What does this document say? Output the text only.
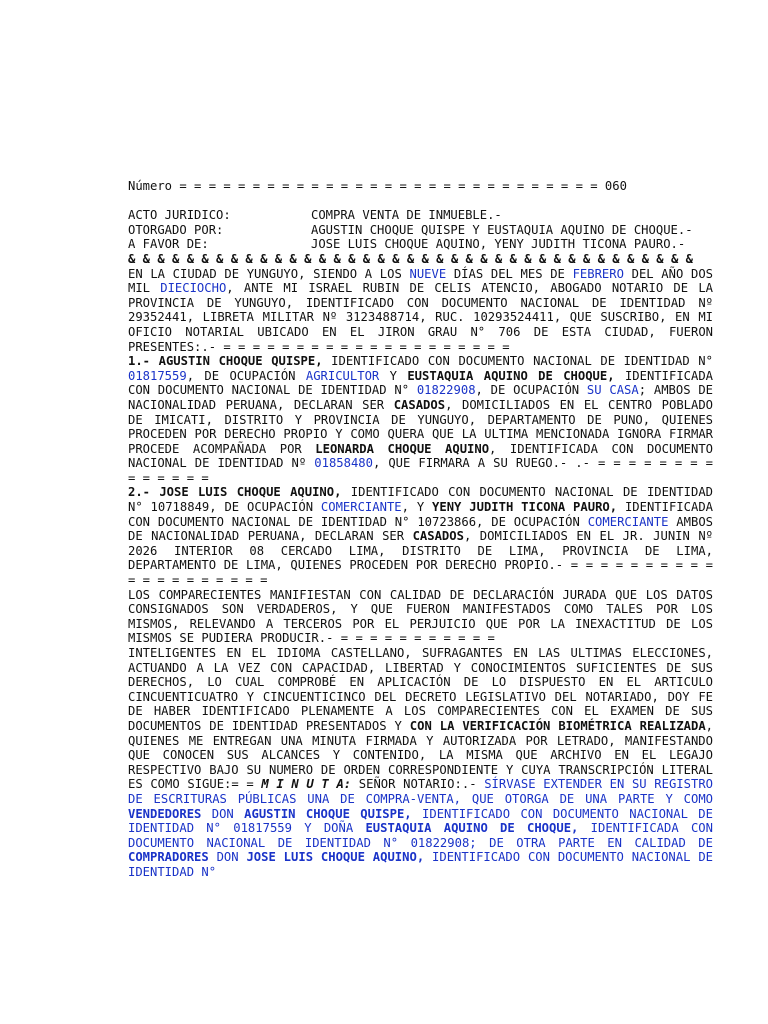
Número = = = = = = = = = = = = = = = = = = = = = = = = = = = = = 060
ACTO JURIDICO:	COMPRA VENTA DE INMUEBLE.-
OTORGADO POR:	AGUSTIN CHOQUE QUISPE Y EUSTAQUIA AQUINO DE CHOQUE.-
A FAVOR DE:	JOSE LUIS CHOQUE AQUINO, YENY JUDITH TICONA PAURO.-
& & & & & & & & & & & & & & & & & & & & & & & & & & & & & & & & & & & & & & &
EN LA CIUDAD DE YUNGUYO, SIENDO A LOS NUEVE DÍAS DEL MES DE FEBRERO DEL AÑO DOS MIL DIECIOCHO, ANTE MI ISRAEL RUBIN DE CELIS ATENCIO, ABOGADO NOTARIO DE LA PROVINCIA DE YUNGUYO, IDENTIFICADO CON DOCUMENTO NACIONAL DE IDENTIDAD Nº 29352441, LIBRETA MILITAR Nº 3123488714, RUC. 10293524411, QUE SUSCRIBO, EN MI OFICIO NOTARIAL UBICADO EN EL JIRON GRAU N° 706 DE ESTA CIUDAD, FUERON PRESENTES:.- = = = = = = = = = = = = = = = = = = = =
1.- AGUSTIN CHOQUE QUISPE, IDENTIFICADO CON DOCUMENTO NACIONAL DE IDENTIDAD N° 01817559, DE OCUPACIÓN AGRICULTOR Y EUSTAQUIA AQUINO DE CHOQUE, IDENTIFICADA CON DOCUMENTO NACIONAL DE IDENTIDAD N° 01822908, DE OCUPACIÓN SU CASA; AMBOS DE NACIONALIDAD PERUANA, DECLARAN SER CASADOS, DOMICILIADOS EN EL CENTRO POBLADO DE IMICATI, DISTRITO Y PROVINCIA DE YUNGUYO, DEPARTAMENTO DE PUNO, QUIENES PROCEDEN POR DERECHO PROPIO Y COMO QUERA QUE LA ULTIMA MENCIONADA IGNORA FIRMAR PROCEDE ACOMPAÑADA POR LEONARDA CHOQUE AQUINO, IDENTIFICADA CON DOCUMENTO NACIONAL DE IDENTIDAD Nº 01858480, QUE FIRMARA A SU RUEGO.- .- = = = = = = = = = = = = = =
2.- JOSE LUIS CHOQUE AQUINO, IDENTIFICADO CON DOCUMENTO NACIONAL DE IDENTIDAD N° 10718849, DE OCUPACIÓN COMERCIANTE, Y YENY JUDITH TICONA PAURO, IDENTIFICADA CON DOCUMENTO NACIONAL DE IDENTIDAD N° 10723866, DE OCUPACIÓN COMERCIANTE AMBOS DE NACIONALIDAD PERUANA, DECLARAN SER CASADOS, DOMICILIADOS EN EL JR. JUNIN Nº 2026 INTERIOR 08 CERCADO LIMA, DISTRITO DE LIMA, PROVINCIA DE LIMA, DEPARTAMENTO DE LIMA, QUIENES PROCEDEN POR DERECHO PROPIO.- = = = = = = = = = = = = = = = = = = = =
LOS COMPARECIENTES MANIFIESTAN CON CALIDAD DE DECLARACIÓN JURADA QUE LOS DATOS CONSIGNADOS SON VERDADEROS, Y QUE FUERON MANIFESTADOS COMO TALES POR LOS MISMOS, RELEVANDO A TERCEROS POR EL PERJUICIO QUE POR LA INEXACTITUD DE LOS MISMOS SE PUDIERA PRODUCIR.- = = = = = = = = = = =
INTELIGENTES EN EL IDIOMA CASTELLANO, SUFRAGANTES EN LAS ULTIMAS ELECCIONES, ACTUANDO A LA VEZ CON CAPACIDAD, LIBERTAD Y CONOCIMIENTOS SUFICIENTES DE SUS DERECHOS, LO CUAL COMPROBÉ EN APLICACIÓN DE LO DISPUESTO EN EL ARTICULO CINCUENTICUATRO Y CINCUENTICINCO DEL DECRETO LEGISLATIVO DEL NOTARIADO, DOY FE DE HABER IDENTIFICADO PLENAMENTE A LOS COMPARECIENTES CON EL EXAMEN DE SUS DOCUMENTOS DE IDENTIDAD PRESENTADOS Y CON LA VERIFICACIÓN BIOMÉTRICA REALIZADA, QUIENES ME ENTREGAN UNA MINUTA FIRMADA Y AUTORIZADA POR LETRADO, MANIFESTANDO QUE CONOCEN SUS ALCANCES Y CONTENIDO, LA MISMA QUE ARCHIVO EN EL LEGAJO RESPECTIVO BAJO SU NUMERO DE ORDEN CORRESPONDIENTE Y CUYA TRANSCRIPCIÓN LITERAL ES COMO SIGUE:= = M I N U T A: SEÑOR NOTARIO:.- SÍRVASE EXTENDER EN SU REGISTRO DE ESCRITURAS PÚBLICAS UNA DE COMPRA-VENTA, QUE OTORGA DE UNA PARTE Y COMO VENDEDORES DON AGUSTIN CHOQUE QUISPE, IDENTIFICADO CON DOCUMENTO NACIONAL DE IDENTIDAD N° 01817559 Y DOÑA EUSTAQUIA AQUINO DE CHOQUE, IDENTIFICADA CON DOCUMENTO NACIONAL DE IDENTIDAD N° 01822908; DE OTRA PARTE EN CALIDAD DE COMPRADORES DON JOSE LUIS CHOQUE AQUINO, IDENTIFICADO CON DOCUMENTO NACIONAL DE IDENTIDAD N°
